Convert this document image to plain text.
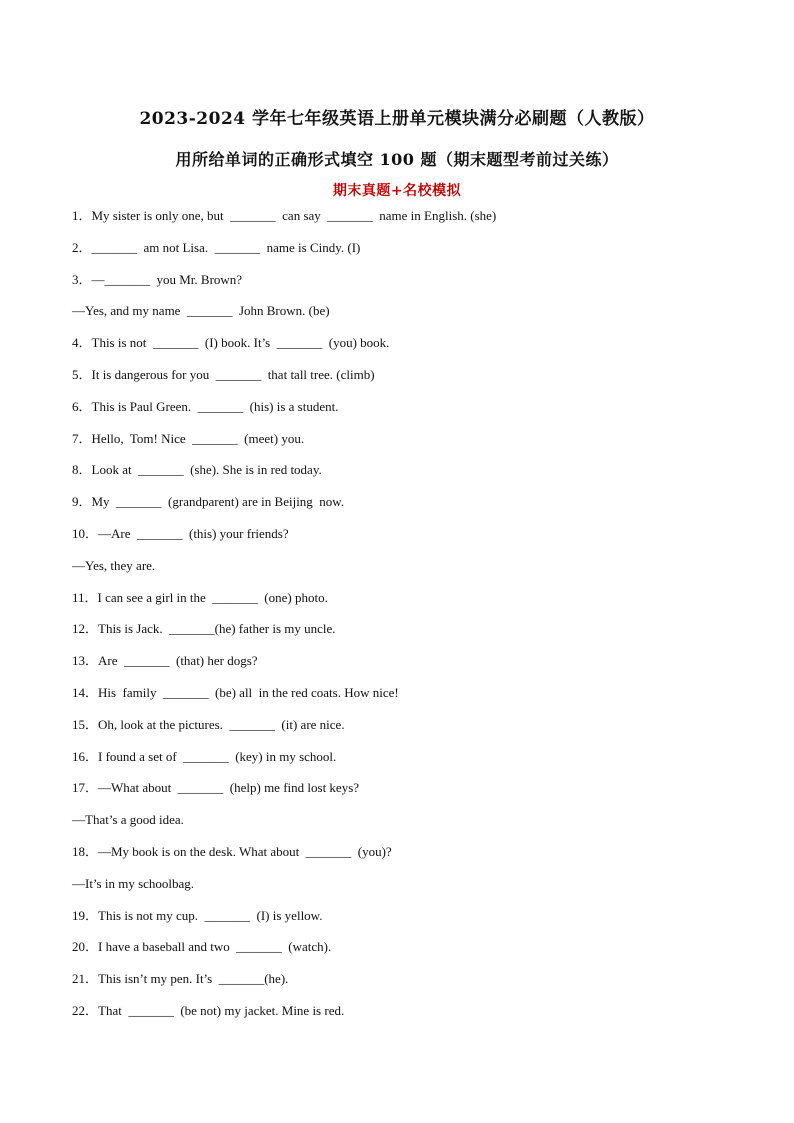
2023-2024 学年七年级英语上册单元模块满分必刷题（人教版）
用所给单词的正确形式填空 100 题（期末题型考前过关练）
期末真题+名校模拟
1．My sister is only one, but  _______  can say  _______  name in English. (she)
2．_______  am not Lisa.  _______  name is Cindy. (I)
3．—_______  you Mr. Brown?
—Yes, and my name  _______  John Brown. (be)
4．This is not  _______  (I) book. It’s  _______  (you) book.
5．It is dangerous for you  _______  that tall tree. (climb)
6．This is Paul Green.  _______  (his) is a student.
7．Hello,  Tom! Nice  _______  (meet) you.
8．Look at  _______  (she). She is in red today.
9．My  _______  (grandparent) are in Beijing  now.
10．—Are  _______  (this) your friends?
—Yes, they are.
11．I can see a girl in the  _______  (one) photo.
12．This is Jack.  _______(he) father is my uncle.
13．Are  _______  (that) her dogs?
14．His  family  _______  (be) all  in the red coats. How nice!
15．Oh, look at the pictures.  _______  (it) are nice.
16．I found a set of  _______  (key) in my school.
17．—What about  _______  (help) me find lost keys?
—That’s a good idea.
18．—My book is on the desk. What about  _______  (you)?
—It’s in my schoolbag.
19．This is not my cup.  _______  (I) is yellow.
20．I have a baseball and two  _______  (watch).
21．This isn’t my pen. It’s  _______(he).
22．That  _______  (be not) my jacket. Mine is red.
